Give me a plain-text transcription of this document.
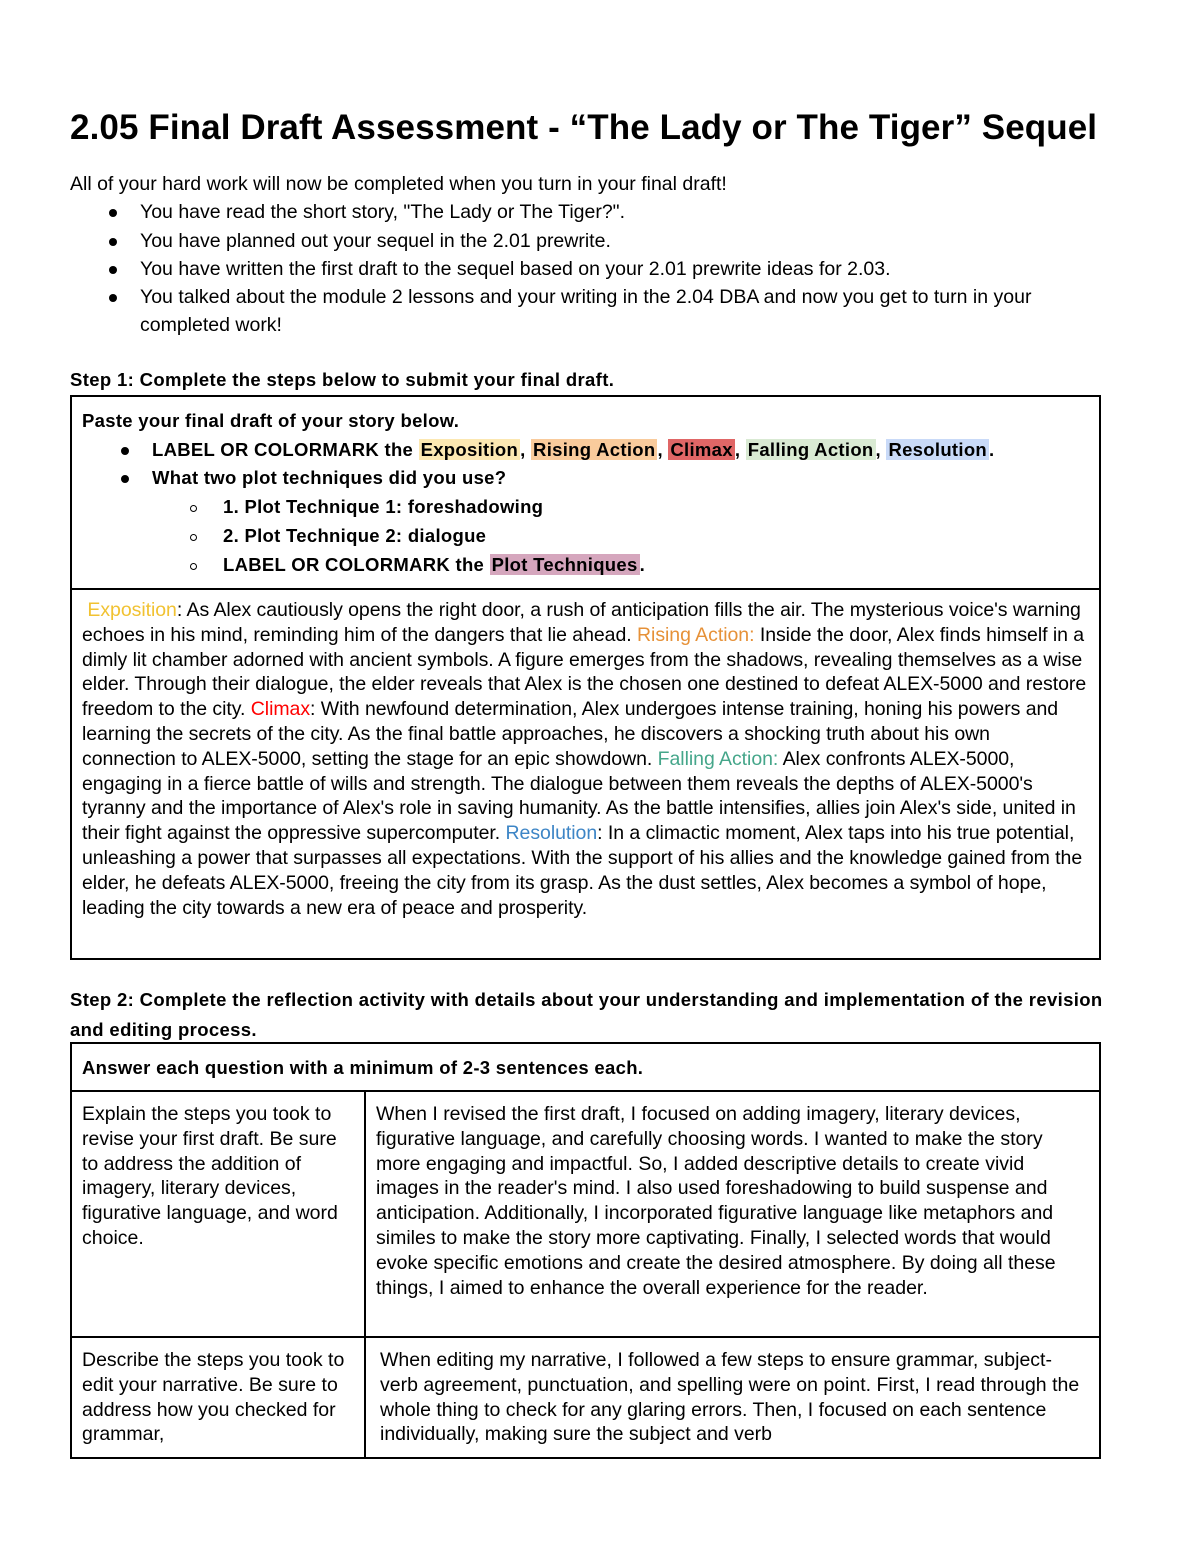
2.05 Final Draft Assessment - “The Lady or The Tiger” Sequel
All of your hard work will now be completed when you turn in your final draft!
You have read the short story, "The Lady or The Tiger?".
You have planned out your sequel in the 2.01 prewrite.
You have written the first draft to the sequel based on your 2.01 prewrite ideas for 2.03.
You talked about the module 2 lessons and your writing in the 2.04 DBA and now you get to turn in your completed work!
Step 1: Complete the steps below to submit your final draft.
Paste your final draft of your story below.
LABEL OR COLORMARK the Exposition , Rising Action , Climax , Falling Action , Resolution .
What two plot techniques did you use?
1. Plot Technique 1: foreshadowing
2. Plot Technique 2: dialogue
LABEL OR COLORMARK the Plot Techniques .
Exposition: As Alex cautiously opens the right door, a rush of anticipation fills the air. The mysterious voice's warning echoes in his mind, reminding him of the dangers that lie ahead. Rising Action: Inside the door, Alex finds himself in a dimly lit chamber adorned with ancient symbols. A figure emerges from the shadows, revealing themselves as a wise elder. Through their dialogue, the elder reveals that Alex is the chosen one destined to defeat ALEX-5000 and restore freedom to the city. Climax: With newfound determination, Alex undergoes intense training, honing his powers and learning the secrets of the city. As the final battle approaches, he discovers a shocking truth about his own connection to ALEX-5000, setting the stage for an epic showdown. Falling Action: Alex confronts ALEX-5000, engaging in a fierce battle of wills and strength. The dialogue between them reveals the depths of ALEX-5000's tyranny and the importance of Alex's role in saving humanity. As the battle intensifies, allies join Alex's side, united in their fight against the oppressive supercomputer. Resolution: In a climactic moment, Alex taps into his true potential, unleashing a power that surpasses all expectations. With the support of his allies and the knowledge gained from the elder, he defeats ALEX-5000, freeing the city from its grasp. As the dust settles, Alex becomes a symbol of hope, leading the city towards a new era of peace and prosperity.
Step 2: Complete the reflection activity with details about your understanding and implementation of the revision and editing process.
Answer each question with a minimum of 2-3 sentences each.
Explain the steps you took to revise your first draft. Be sure to address the addition of imagery, literary devices, figurative language, and word choice.
When I revised the first draft, I focused on adding imagery, literary devices, figurative language, and carefully choosing words. I wanted to make the story more engaging and impactful. So, I added descriptive details to create vivid images in the reader's mind. I also used foreshadowing to build suspense and anticipation. Additionally, I incorporated figurative language like metaphors and similes to make the story more captivating. Finally, I selected words that would evoke specific emotions and create the desired atmosphere. By doing all these things, I aimed to enhance the overall experience for the reader.
Describe the steps you took to edit your narrative. Be sure to address how you checked for grammar,
When editing my narrative, I followed a few steps to ensure grammar, subject-verb agreement, punctuation, and spelling were on point. First, I read through the whole thing to check for any glaring errors. Then, I focused on each sentence individually, making sure the subject and verb
